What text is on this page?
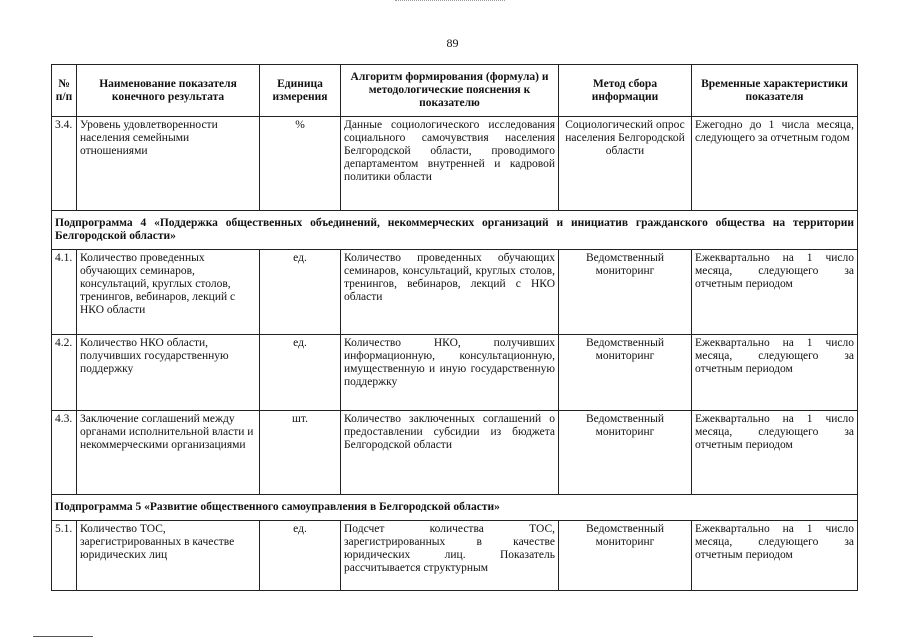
89
№ п/п	Наименование показателя конечного результата	Единица измерения	Алгоритм формирования (формула) и методологические пояснения к показателю	Метод сбора информации	Временные характеристики показателя
3.4.	Уровень удовлетворенности населения семейными отношениями	%	Данные социологического исследования социального самочувствия населения Белгородской области, проводимого департаментом внутренней и кадровой политики области	Социологический опрос населения Белгородской области	Ежегодно до 1 числа месяца, следующего за отчетным годом
Подпрограмма 4 «Поддержка общественных объединений, некоммерческих организаций и инициатив гражданского общества на территории Белгородской области»					
4.1.	Количество проведенных обучающих семинаров, консультаций, круглых столов, тренингов, вебинаров, лекций с НКО области	ед.	Количество проведенных обучающих семинаров, консультаций, круглых столов, тренингов, вебинаров, лекций с НКО области	Ведомственный мониторинг	Ежеквартально на 1 число месяца, следующего за отчетным периодом
4.2.	Количество НКО области, получивших государственную поддержку	ед.	Количество НКО, получивших информационную, консультационную, имущественную и иную государственную поддержку	Ведомственный мониторинг	Ежеквартально на 1 число месяца, следующего за отчетным периодом
4.3.	Заключение соглашений между органами исполнительной власти и некоммерческими организациями	шт.	Количество заключенных соглашений о предоставлении субсидии из бюджета Белгородской области	Ведомственный мониторинг	Ежеквартально на 1 число месяца, следующего за отчетным периодом
Подпрограмма 5 «Развитие общественного самоуправления в Белгородской области»					
5.1.	Количество ТОС, зарегистрированных в качестве юридических лиц	ед.	Подсчет количества ТОС, зарегистрированных в качестве юридических лиц. Показатель рассчитывается структурным	Ведомственный мониторинг	Ежеквартально на 1 число месяца, следующего за отчетным периодом
